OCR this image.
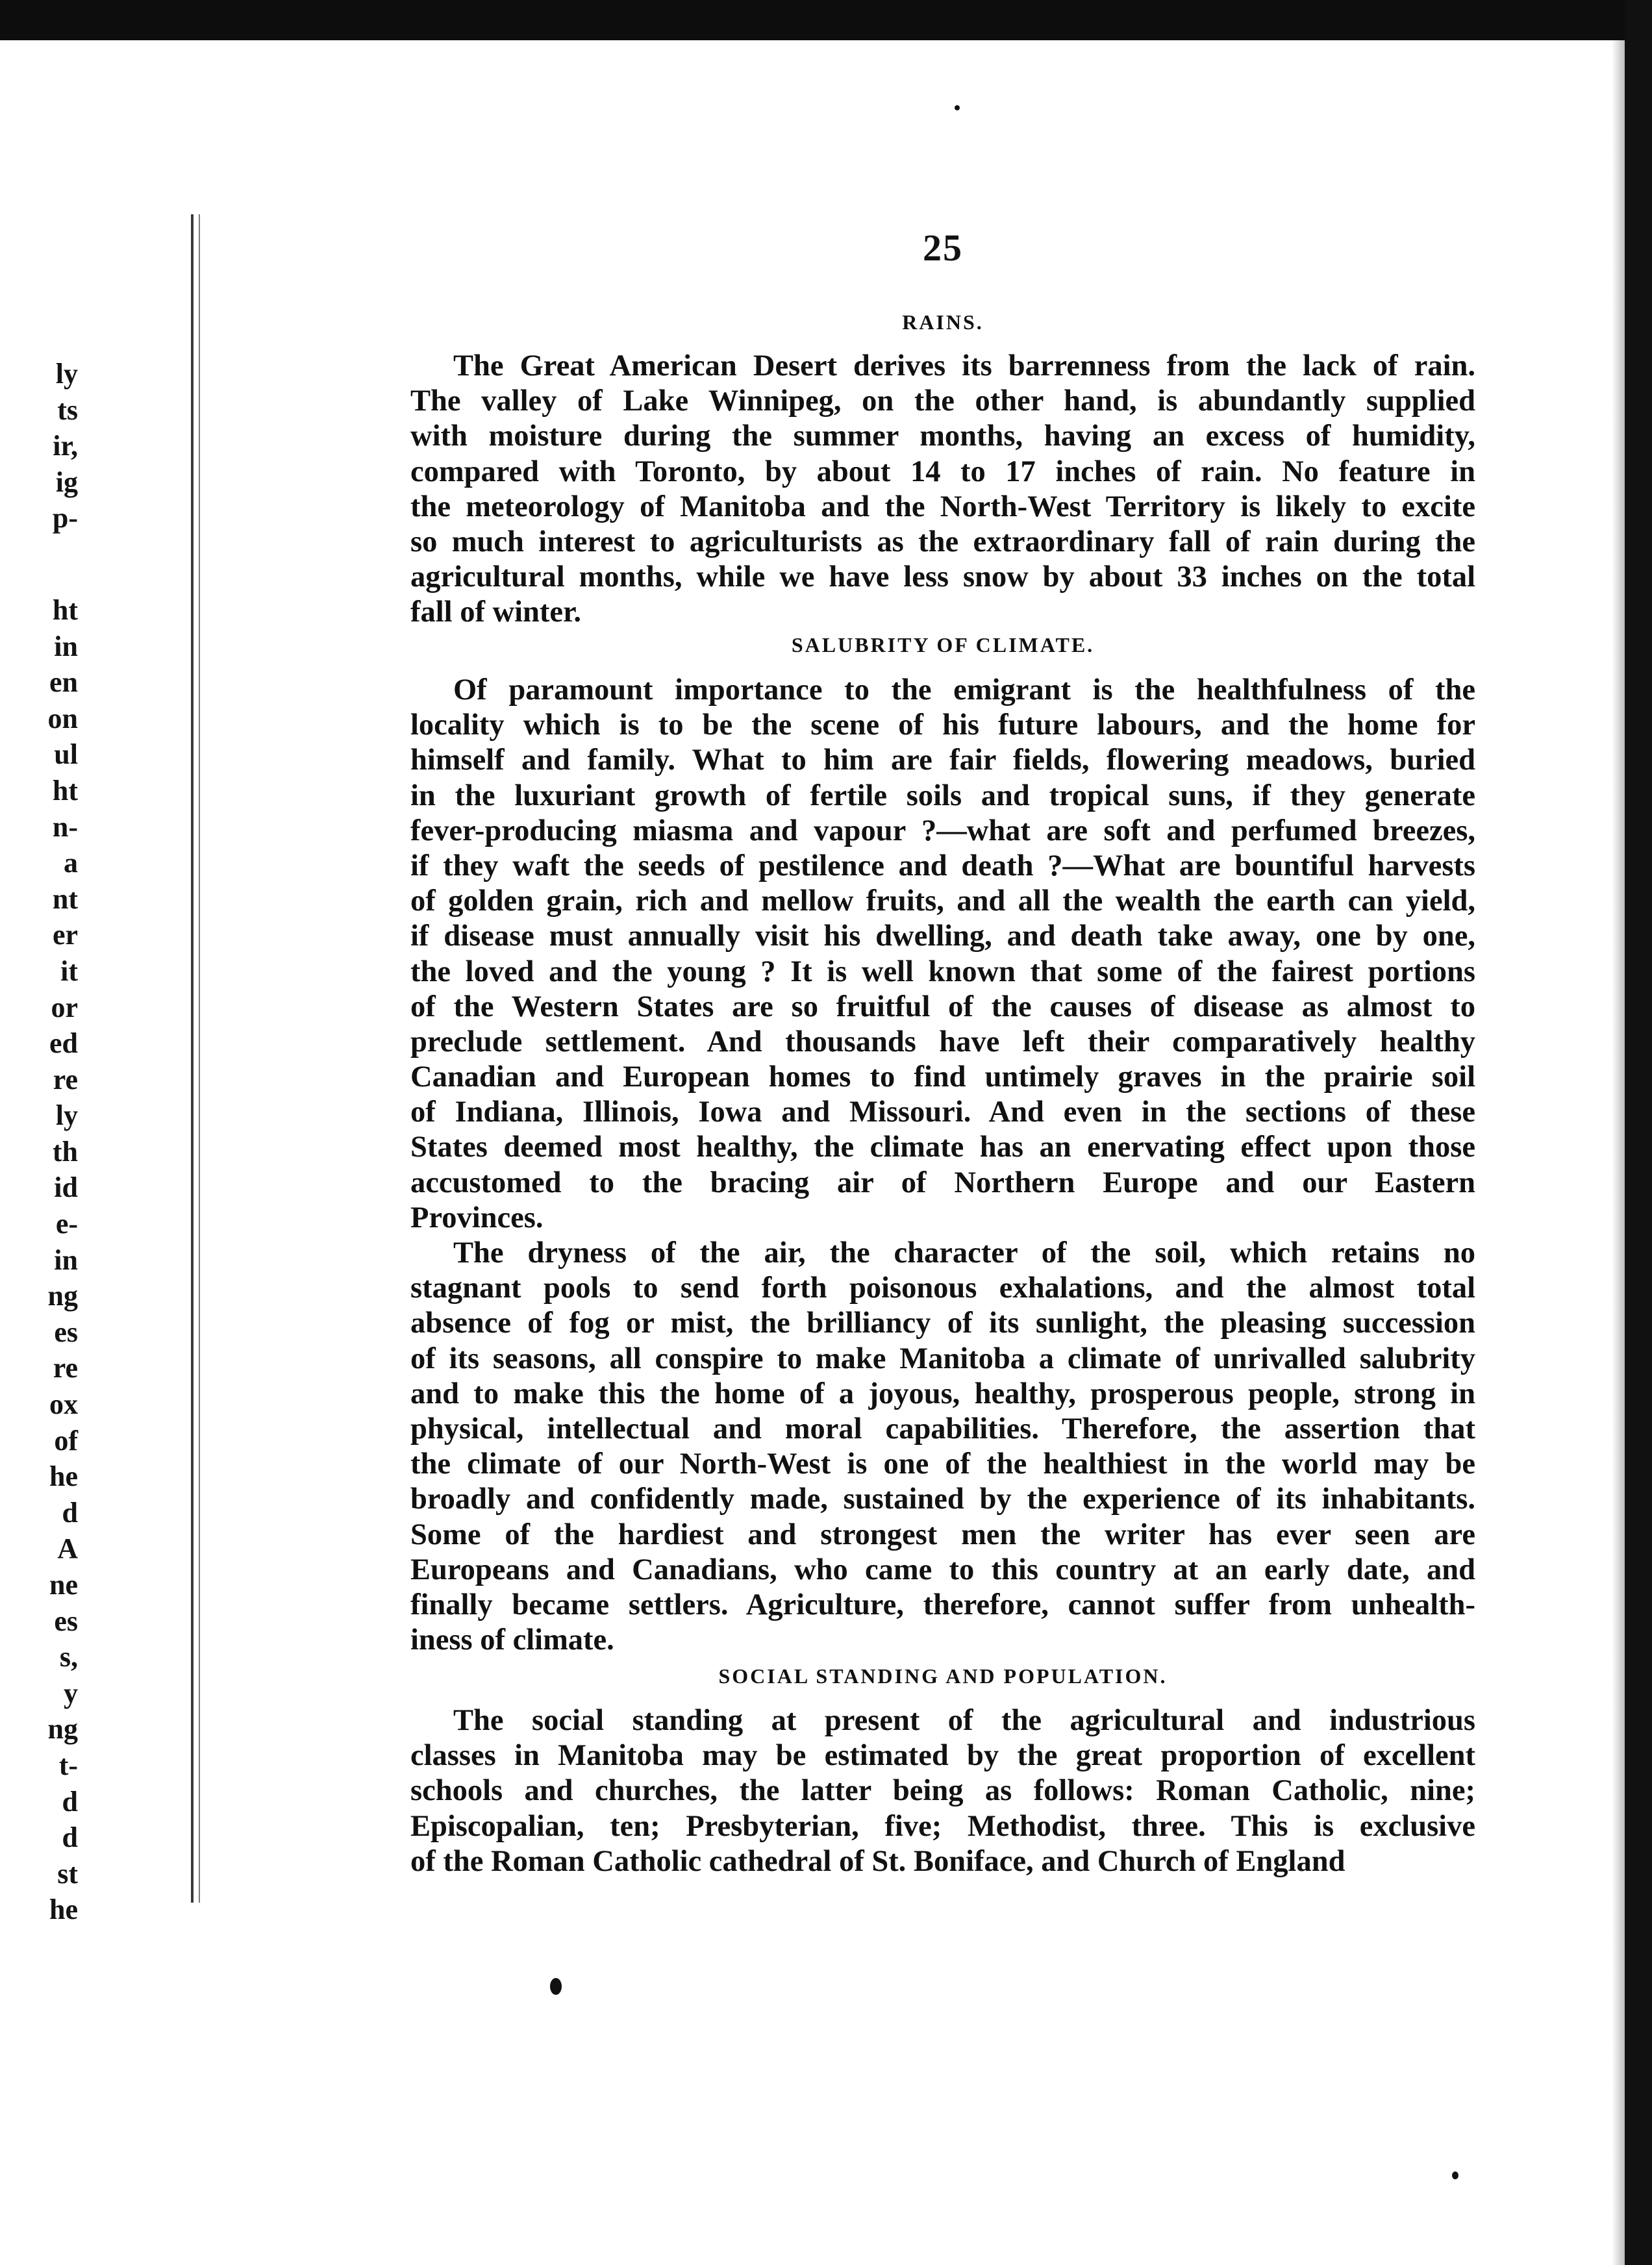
ly
ts
ir,
ig
p-
ht
in
en
on
ul
ht
n-
a
nt
er
it
or
ed
re
ly
th
id
e-
in
ng
es
re
ox
of
he
d
A
ne
es
s,
y
ng
t-
d
d
st
he
25
RAINS.
The Great American Desert derives its barrenness from the lack of rain.
The valley of Lake Winnipeg, on the other hand, is abundantly supplied
with moisture during the summer months, having an excess of humidity,
compared with Toronto, by about 14 to 17 inches of rain. No feature in
the meteorology of Manitoba and the North-West Territory is likely to excite
so much interest to agriculturists as the extraordinary fall of rain during the
agricultural months, while we have less snow by about 33 inches on the total
fall of winter.
SALUBRITY OF CLIMATE.
Of paramount importance to the emigrant is the healthfulness of the
locality which is to be the scene of his future labours, and the home for
himself and family. What to him are fair fields, flowering meadows, buried
in the luxuriant growth of fertile soils and tropical suns, if they generate
fever-producing miasma and vapour ?—what are soft and perfumed breezes,
if they waft the seeds of pestilence and death ?—What are bountiful harvests
of golden grain, rich and mellow fruits, and all the wealth the earth can yield,
if disease must annually visit his dwelling, and death take away, one by one,
the loved and the young ? It is well known that some of the fairest portions
of the Western States are so fruitful of the causes of disease as almost to
preclude settlement. And thousands have left their comparatively healthy
Canadian and European homes to find untimely graves in the prairie soil
of Indiana, Illinois, Iowa and Missouri. And even in the sections of these
States deemed most healthy, the climate has an enervating effect upon those
accustomed to the bracing air of Northern Europe and our Eastern
Provinces.
The dryness of the air, the character of the soil, which retains no
stagnant pools to send forth poisonous exhalations, and the almost total
absence of fog or mist, the brilliancy of its sunlight, the pleasing succession
of its seasons, all conspire to make Manitoba a climate of unrivalled salubrity
and to make this the home of a joyous, healthy, prosperous people, strong in
physical, intellectual and moral capabilities. Therefore, the assertion that
the climate of our North-West is one of the healthiest in the world may be
broadly and confidently made, sustained by the experience of its inhabitants.
Some of the hardiest and strongest men the writer has ever seen are
Europeans and Canadians, who came to this country at an early date, and
finally became settlers. Agriculture, therefore, cannot suffer from unhealth-
iness of climate.
SOCIAL STANDING AND POPULATION.
The social standing at present of the agricultural and industrious
classes in Manitoba may be estimated by the great proportion of excellent
schools and churches, the latter being as follows: Roman Catholic, nine;
Episcopalian, ten; Presbyterian, five; Methodist, three. This is exclusive
of the Roman Catholic cathedral of St. Boniface, and Church of England
